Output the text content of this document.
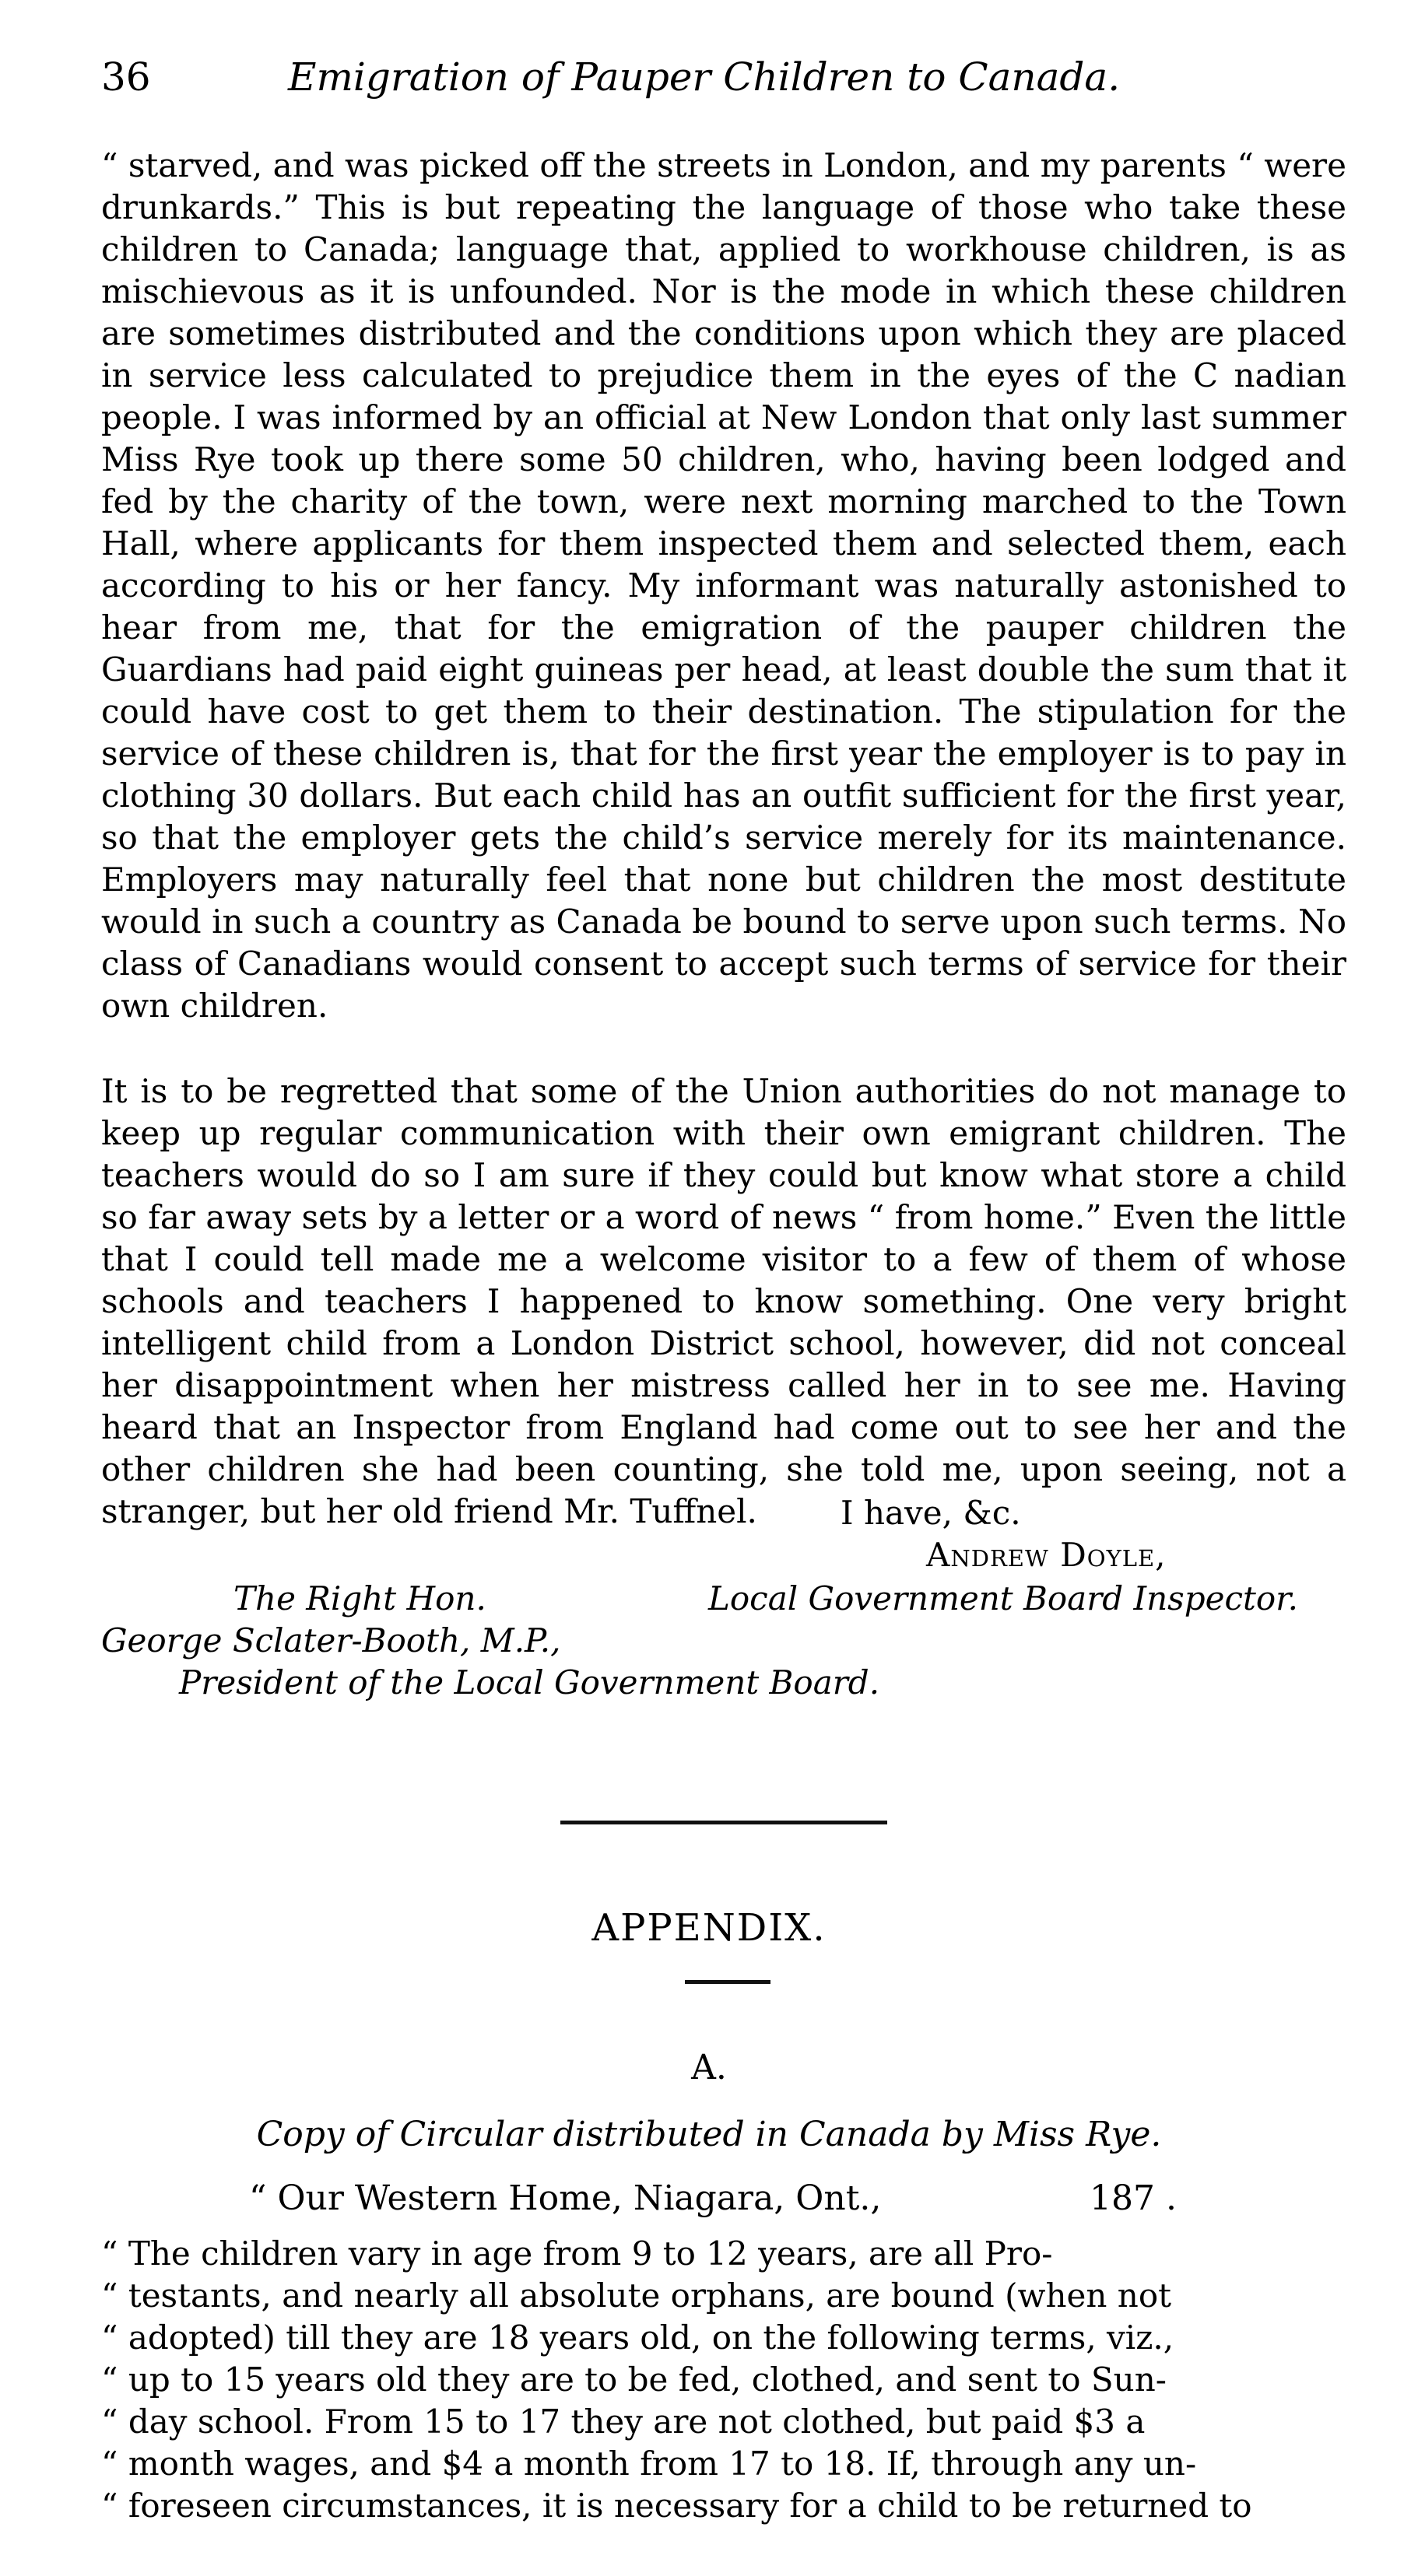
36	Emigration of Pauper Children to Canada.

“ starved, and was picked off the streets in London, and my parents “ were drunkards.” This is but repeating the language of those who take these children to Canada; language that, applied to workhouse children, is as mischievous as it is unfounded. Nor is the mode in which these children are sometimes distributed and the conditions upon which they are placed in service less calculated to prejudice them in the eyes of the C nadian people. I was informed by an official at New London that only last summer Miss Rye took up there some 50 children, who, having been lodged and fed by the charity of the town, were next morning marched to the Town Hall, where applicants for them inspected them and selected them, each according to his or her fancy. My informant was naturally astonished to hear from me, that for the emigration of the pauper children the Guardians had paid eight guineas per head, at least double the sum that it could have cost to get them to their destination. The stipulation for the service of these children is, that for the first year the employer is to pay in clothing 30 dollars. But each child has an outfit sufficient for the first year, so that the employer gets the child’s service merely for its maintenance. Employers may naturally feel that none but children the most destitute would in such a country as Canada be bound to serve upon such terms. No class of Canadians would consent to accept such terms of service for their own children.

It is to be regretted that some of the Union authorities do not manage to keep up regular communication with their own emigrant children. The teachers would do so I am sure if they could but know what store a child so far away sets by a letter or a word of news “ from home.” Even the little that I could tell made me a welcome visitor to a few of them of whose schools and teachers I happened to know something. One very bright intelligent child from a London District school, however, did not conceal her disappointment when her mistress called her in to see me. Having heard that an Inspector from England had come out to see her and the other children she had been counting, she told me, upon seeing, not a stranger, but her old friend Mr. Tuffnel.	I have, &c.
Andrew Doyle,
The Right Hon.	Local Government Board Inspector.
George Sclater-Booth, M.P.,
President of the Local Government Board.
APPENDIX.
A.
Copy of Circular distributed in Canada by Miss Rye.
“ Our Western Home, Niagara, Ont.,	187 .
“ The children vary in age from 9 to 12 years, are all Pro-
“ testants, and nearly all absolute orphans, are bound (when not
“ adopted) till they are 18 years old, on the following terms, viz.,
“ up to 15 years old they are to be fed, clothed, and sent to Sun-
“ day school. From 15 to 17 they are not clothed, but paid $3 a
“ month wages, and $4 a month from 17 to 18. If, through any un-
“ foreseen circumstances, it is necessary for a child to be returned to
